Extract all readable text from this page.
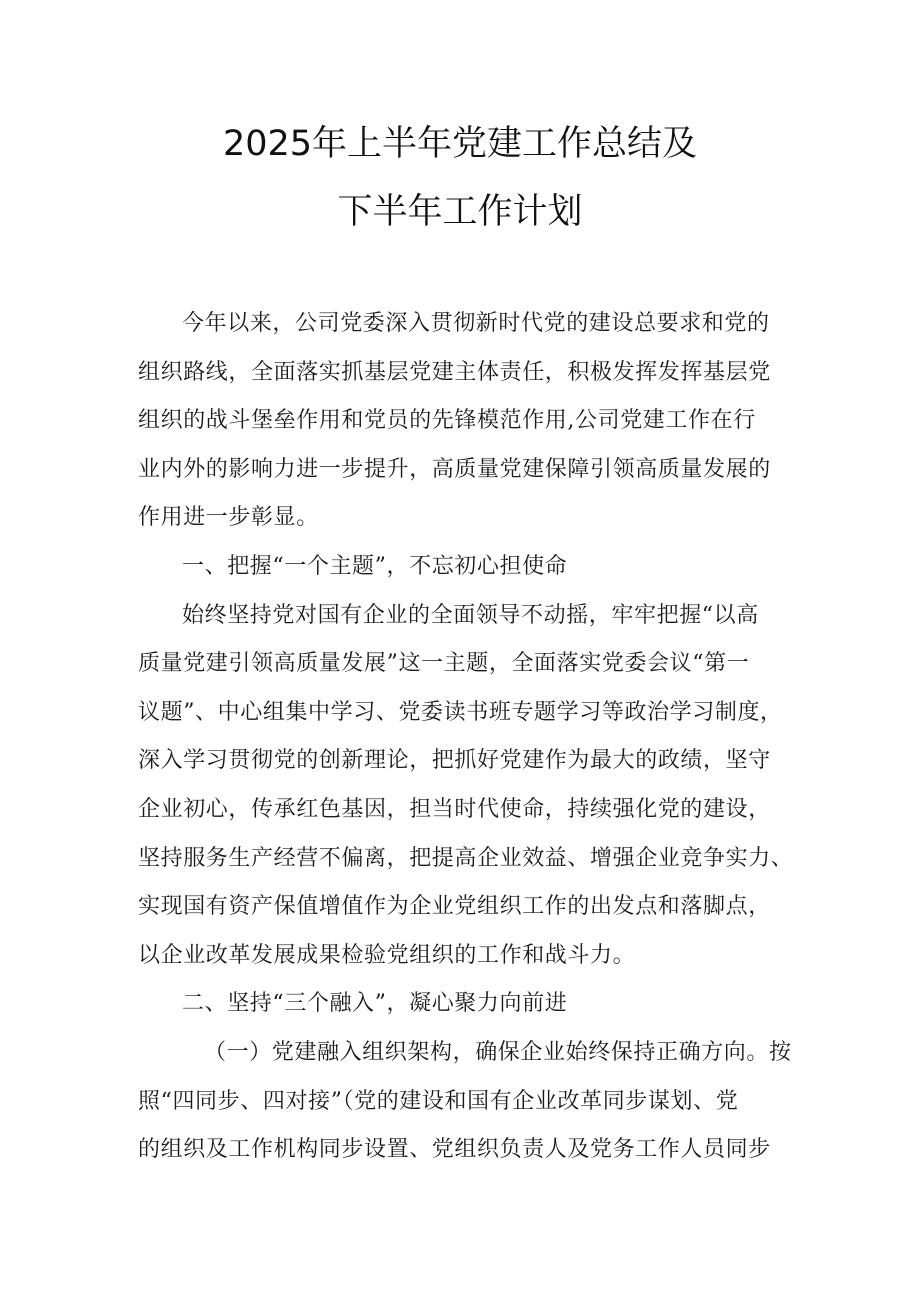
2025年上半年党建工作总结及
下半年工作计划
今年以来，公司党委深入贯彻新时代党的建设总要求和党的
组织路线，全面落实抓基层党建主体责任，积极发挥发挥基层党
组织的战斗堡垒作用和党员的先锋模范作用,公司党建工作在行
业内外的影响力进一步提升，高质量党建保障引领高质量发展的
作用进一步彰显。
一、把握“一个主题”，不忘初心担使命
始终坚持党对国有企业的全面领导不动摇，牢牢把握“以高
质量党建引领高质量发展”这一主题，全面落实党委会议“第一
议题”、中心组集中学习、党委读书班专题学习等政治学习制度，
深入学习贯彻党的创新理论，把抓好党建作为最大的政绩，坚守
企业初心，传承红色基因，担当时代使命，持续强化党的建设，
坚持服务生产经营不偏离，把提高企业效益、增强企业竞争实力、
实现国有资产保值增值作为企业党组织工作的出发点和落脚点，
以企业改革发展成果检验党组织的工作和战斗力。
二、坚持“三个融入”，凝心聚力向前进
（一）党建融入组织架构，确保企业始终保持正确方向。按
照“四同步、四对接”（党的建设和国有企业改革同步谋划、党
的组织及工作机构同步设置、党组织负责人及党务工作人员同步
